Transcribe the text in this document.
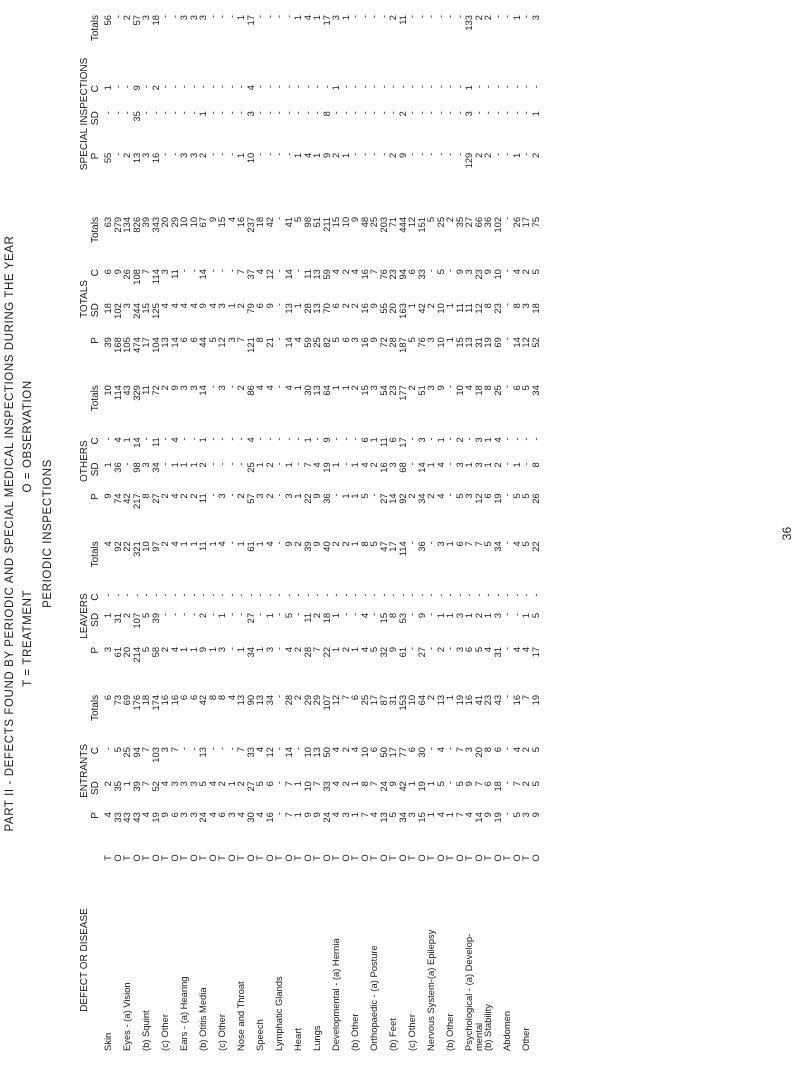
PART II - DEFECTS FOUND BY PERIODIC AND SPECIAL MEDICAL INSPECTIONS DURING THE YEAR T = TREATMENT  O = OBSERVATION
PERIODIC INSPECTIONS
DEFECT OR DISEASE		ENTRANTS				LEAVERS				OTHERS				TOTALS				SPECIAL INSPECTIONS			
		P	SD	C	Totals	P	SD	C	Totals	P	SD	C	Totals	P	SD	C	Totals	P	SD	C	Totals
Skin	T	4	2	-	6	3	1	-	4	9	1	-	10	39	18	6	63	55	-	1	56
	O	33	35	5	73	61	31	-	92	74	36	4	114	168	102	9	279	-	-	-	-
Eyes - (a) Vision	T	43	1	25	69	20	2	-	22	42	-	1	43	105	3	26	134	2	-	-	2
	O	43	39	94	176	214	107	-	321	217	98	14	329	474	244	108	826	13	35	9	57
(b) Squint	T	4	7	7	18	5	5	-	10	8	3	-	11	17	15	7	39	3	-	-	3
	O	19	52	103	174	58	39	-	97	27	34	11	72	104	125	114	343	16	-	2	18
(c) Other	T	9	4	3	16	2	-	-	2	2	-	-	2	13	4	3	20	-	-	-	-
	O	6	3	7	16	4	-	-	4	4	1	4	9	14	4	11	29	-	-	-	-
Ears - (a) Hearing	T	3	3	-	6	1	-	-	1	2	1	-	3	6	4	-	10	3	-	-	3
	O	3	3	-	6	1	-	-	1	2	1	-	3	6	4	-	10	3	-	-	3
(b) Otitis Media	T	24	5	13	42	9	2	-	11	11	2	1	14	44	9	14	67	2	1	-	3
	O	4	4	-	8	1	-	-	1	-	-	-	-	5	4	-	9	-	-	-	-
(c) Other	T	6	2	-	8	3	1	-	4	3	-	-	3	12	3	-	15	-	-	-	-
	O	3	1	-	4	-	-	-	-	-	-	-	-	3	1	-	4	-	-	-	-
Nose and Throat	T	4	2	7	13	1	-	-	1	2	-	-	2	7	2	7	16	1	-	-	1
	O	30	27	33	90	34	27	-	61	57	25	4	86	121	79	37	237	10	3	4	17
Speech	T	4	5	4	13	1	-	-	1	3	1	-	4	8	6	4	18	-	-	-	-
	O	16	6	12	34	3	1	-	4	2	2	-	4	21	9	12	42	-	-	-	-
Lymphatic Glands	T	-	-	-	-	-	-	-	-	-	-	-	-	-	-	-	-	-	-	-	-
	O	7	7	14	28	4	5	-	9	3	1	-	4	14	13	14	41	-	-	-	-
Heart	T	1	1	-	2	2	-	-	2	1	-	-	1	4	1	-	5	1	-	-	1
	O	9	10	10	29	28	11	-	39	22	7	1	30	59	28	11	98	4	-	-	4
Lungs	T	9	7	13	29	7	2	-	9	9	4	-	13	25	13	13	51	1	-	-	1
	O	24	33	50	107	22	18	-	40	36	19	9	64	82	70	59	211	9	8	-	17
Developmental - (a) Hernia	T	4	4	4	12	1	1	-	2	-	1	-	1	5	6	4	15	2	-	1	3
	O	3	2	2	7	2	-	-	2	1	-	-	1	6	2	2	10	1	-	-	1
(b) Other	T	1	1	4	6	1	-	-	1	1	1	-	2	3	2	4	9	-	-	-	-
	O	7	8	10	25	4	4	-	8	5	4	6	15	16	16	16	48	-	-	-	-
Orthopaedic - (a) Posture	T	4	7	6	17	5	-	-	5	-	2	1	3	9	9	7	25	-	-	-	-
	O	13	24	50	87	32	15	-	47	27	16	11	54	72	55	76	203	-	-	-	-
(b) Feet	T	5	9	17	31	9	8	-	17	14	3	6	23	28	20	23	71	2	-	-	2
	O	34	42	77	153	61	53	-	114	92	68	17	177	187	163	94	444	9	2	-	11
(c) Other	T	3	1	6	10	-	-	-	-	2	-	-	2	5	1	6	12	-	-	-	-
	O	15	19	30	64	27	9	-	36	34	14	3	51	76	42	33	151	-	-	-	-
Nervous System-(a) Epilepsy	T	1	1	-	2	-	-	-	-	2	1	-	3	3	2	-	5	-	-	-	-
	O	4	5	4	13	2	1	-	3	4	4	1	9	10	10	5	25	-	-	-	-
(b) Other	T	1	-	-	1	-	1	-	1	-	-	-	-	1	1	-	2	-	-	-	-
	O	7	5	7	19	3	3	-	6	5	3	2	10	15	11	9	35	-	-	-	-
Psychological - (a) Develop-	T	4	9	3	16	6	1	-	7	3	1	-	4	13	11	3	27	129	3	1	133
mental	O	14	7	20	41	5	2	-	7	12	3	3	18	31	12	23	66	2	-	-	2
(b) Stability	T	9	6	8	23	4	1	-	5	6	1	1	8	19	8	9	36	2	-	-	2
	O	19	18	6	43	31	3	-	34	19	2	4	25	69	23	10	102	-	-	-	-
Abdomen	T	-	-	-	-	-	-	-	-	-	-	-	-	-	-	-	-	-	-	-	-
	O	5	7	4	16	4	-	-	4	5	1	-	6	14	8	4	26	1	-	-	1
Other	T	3	2	2	7	4	1	-	5	5	-	-	5	12	3	2	17	-	-	-	-
	O	9	5	5	19	17	5	-	22	26	8	-	34	52	18	5	75	2	1	-	3
36
